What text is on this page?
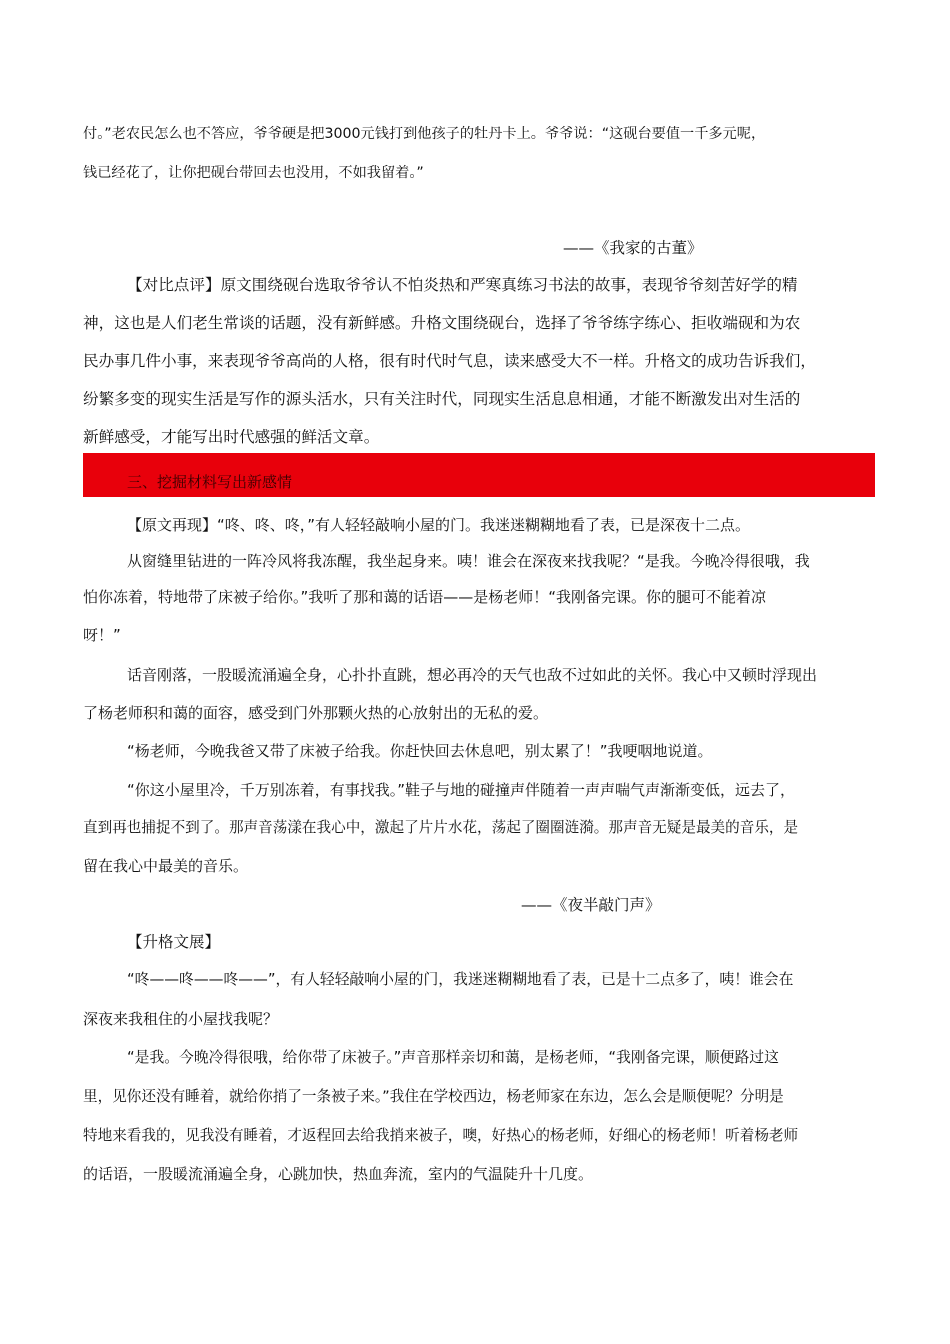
付。”老农民怎么也不答应，爷爷硬是把3000元钱打到他孩子的牡丹卡上。爷爷说：“这砚台要值一千多元呢，
钱已经花了，让你把砚台带回去也没用，不如我留着。”
——《我家的古董》
【对比点评】原文围绕砚台选取爷爷认不怕炎热和严寒真练习书法的故事，表现爷爷刻苦好学的精
神，这也是人们老生常谈的话题，没有新鲜感。升格文围绕砚台，选择了爷爷练字练心、拒收端砚和为农
民办事几件小事，来表现爷爷高尚的人格，很有时代时气息，读来感受大不一样。升格文的成功告诉我们，
纷繁多变的现实生活是写作的源头活水，只有关注时代，同现实生活息息相通，才能不断激发出对生活的
新鲜感受，才能写出时代感强的鲜活文章。
三、挖掘材料写出新感情
【原文再现】“咚、咚、咚，”有人轻轻敲响小屋的门。我迷迷糊糊地看了表，已是深夜十二点。
从窗缝里钻进的一阵冷风将我冻醒，我坐起身来。咦！谁会在深夜来找我呢？“是我。今晚冷得很哦，我
怕你冻着，特地带了床被子给你。”我听了那和蔼的话语——是杨老师！“我刚备完课。你的腿可不能着凉
呀！”
话音刚落，一股暖流涌遍全身，心扑扑直跳，想必再冷的天气也敌不过如此的关怀。我心中又顿时浮现出
了杨老师积和蔼的面容，感受到门外那颗火热的心放射出的无私的爱。
“杨老师，今晚我爸又带了床被子给我。你赶快回去休息吧，别太累了！”我哽咽地说道。
“你这小屋里冷，千万别冻着，有事找我。”鞋子与地的碰撞声伴随着一声声喘气声渐渐变低，远去了，
直到再也捕捉不到了。那声音荡漾在我心中，激起了片片水花，荡起了圈圈涟漪。那声音无疑是最美的音乐，是
留在我心中最美的音乐。
——《夜半敲门声》
【升格文展】
“咚——咚——咚——”，有人轻轻敲响小屋的门，我迷迷糊糊地看了表，已是十二点多了，咦！谁会在
深夜来我租住的小屋找我呢？
“是我。今晚冷得很哦，给你带了床被子。”声音那样亲切和蔼，是杨老师，“我刚备完课，顺便路过这
里，见你还没有睡着，就给你捎了一条被子来。”我住在学校西边，杨老师家在东边，怎么会是顺便呢？分明是
特地来看我的，见我没有睡着，才返程回去给我捎来被子，噢，好热心的杨老师，好细心的杨老师！听着杨老师
的话语，一股暖流涌遍全身，心跳加快，热血奔流，室内的气温陡升十几度。
